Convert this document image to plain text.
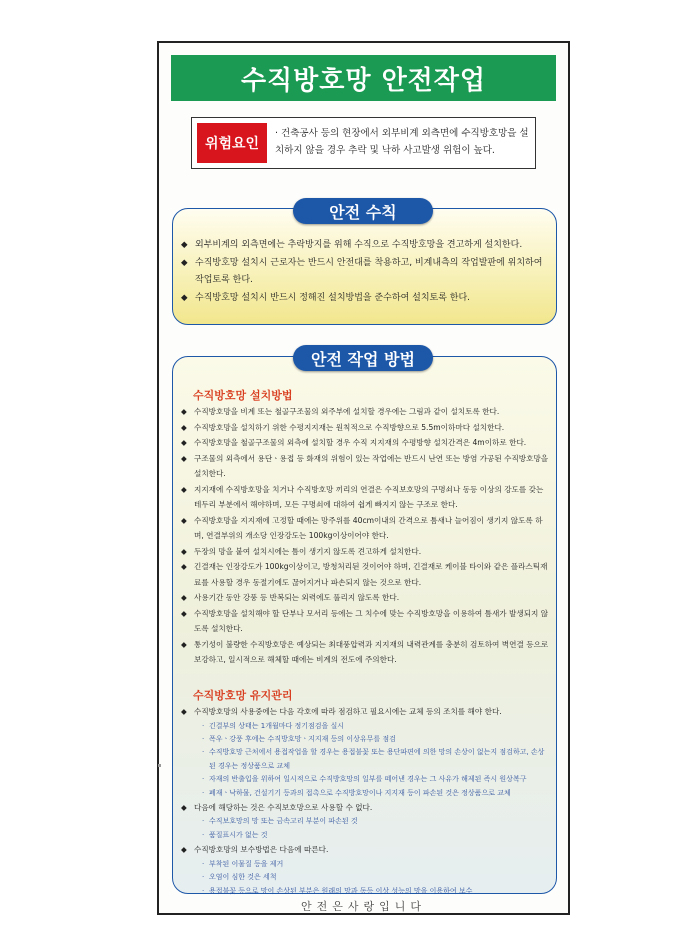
수직방호망 안전작업
위험요인
· 건축공사 등의 현장에서 외부비계 외측면에 수직방호망을 설치하지 않을 경우 추락 및 낙하 사고발생 위험이 높다.
◆ 외부비계의 외측면에는 추락방지를 위해 수직으로 수직방호망을 견고하게 설치한다.
◆ 수직방호망 설치시 근로자는 반드시 안전대를 착용하고, 비계내측의 작업발판에 위치하여 작업토록 한다.
◆ 수직방호망 설치시 반드시 정해진 설치방법을 준수하여 설치토록 한다.
안전 수칙
수직방호망 설치방법
◆ 수직방호망을 비계 또는 철골구조물의 외주부에 설치할 경우에는 그림과 같이 설치토록 한다.
◆ 수직방호망을 설치하기 위한 수평지지재는 원칙적으로 수직방향으로 5.5m이하마다 설치한다.
◆ 수직방호망을 철골구조물의 외측에 설치할 경우 수직 지지재의 수평방향 설치간격은 4m이하로 한다.
◆ 구조물의 외측에서 용단ㆍ용접 등 화재의 위험이 있는 작업에는 반드시 난연 또는 방염 가공된 수직방호망을 설치한다.
◆ 지지재에 수직방호망을 치거나 수직방호망 끼리의 연결은 수직보호망의 구명쇠나 동등 이상의 강도를 갖는 테두리 부분에서 해야하며, 모든 구명쇠에 대하여 쉽게 빠지지 않는 구조로 한다.
◆ 수직방호망을 지지재에 고정할 때에는 망주위를 40cm이내의 간격으로 틈새나 늘어짐이 생기지 않도록 하며, 연결부위의 개소당 인장강도는 100kg이상이어야 한다.
◆ 두장의 망을 붙여 설치시에는 틈이 생기지 않도록 견고하게 설치한다.
◆ 긴결재는 인장강도가 100kg이상이고, 방청처리된 것이어야 하며, 긴결재로 케이블 타이와 같은 플라스틱재료를 사용할 경우 동절기에도 끊어지거나 파손되지 않는 것으로 한다.
◆ 사용기간 동안 강풍 등 반복되는 외력에도 풀리지 않도록 한다.
◆ 수직방호망을 설치해야 할 단부나 모서리 등에는 그 치수에 맞는 수직방호망을 이용하여 틈새가 발생되지 않도록 설치한다.
◆ 통기성이 불량한 수직방호망은 예상되는 최대풍압력과 지지재의 내력관계를 충분히 검토하여 벽연결 등으로 보강하고, 일시적으로 해체할 때에는 비계의 전도에 주의한다.
수직방호망 유지관리
◆ 수직방호망의 사용중에는 다음 각호에 따라 점검하고 필요시에는 교체 등의 조치를 해야 한다.
· 긴결부의 상태는 1개월마다 정기점검을 실시
· 폭우ㆍ강풍 후에는 수직방호망ㆍ지지재 등의 이상유무를 점검
· 수직방호망 근처에서 용접작업을 할 경우는 용접불꽃 또는 용단파편에 의한 망의 손상이 없는지 점검하고, 손상된 경우는 정상품으로 교체
· 자재의 반출입을 위하여 일시적으로 수직방호망의 일부를 떼어낸 경우는 그 사유가 해제된 즉시 원상복구
· 폐재ㆍ낙하물, 건설기기 등과의 접촉으로 수직방호망이나 지지재 등이 파손된 것은 정상품으로 교체
◆ 다음에 해당하는 것은 수직보호망으로 사용할 수 없다.
· 수직보호망의 망 또는 금속고리 부분이 파손된 것
· 품질표시가 없는 것
◆ 수직방호망의 보수방법은 다음에 따른다.
· 부착된 이물질 등을 제거
· 오염이 심한 것은 세척
· 용접불꽃 등으로 망이 손상된 부분은 원래의 망과 동등 이상 성능의 망을 이용하여 보수
안전 작업 방법
안전은사랑입니다
